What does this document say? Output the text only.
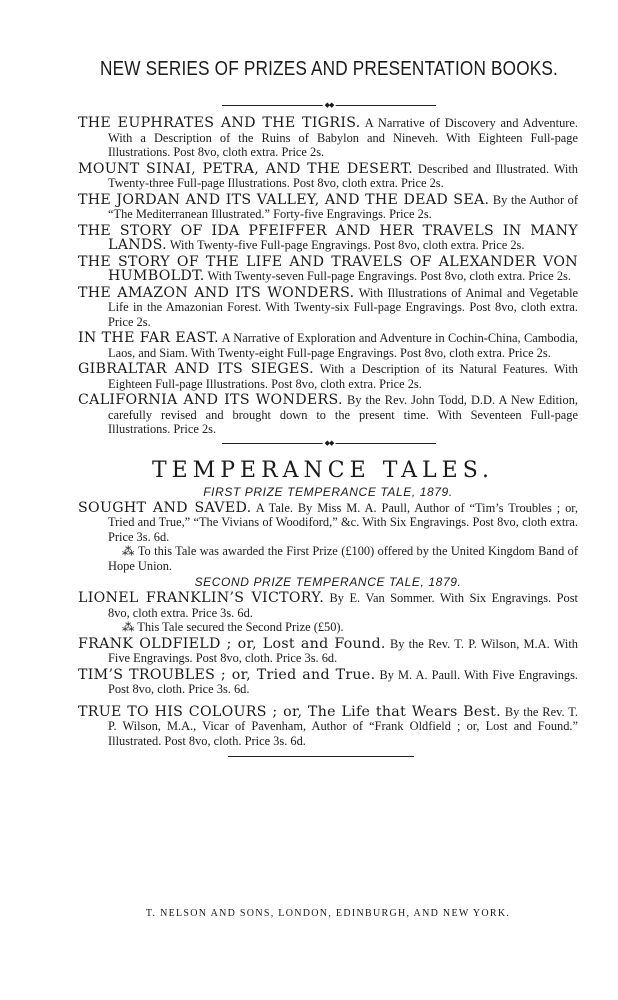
NEW SERIES OF PRIZES AND PRESENTATION BOOKS.
◆◆

THE EUPHRATES AND THE TIGRIS. A Narrative of Discovery and Adventure. With a Description of the Ruins of Babylon and Nineveh. With Eighteen Full-page Illustrations. Post 8vo, cloth extra. Price 2s.

MOUNT SINAI, PETRA, AND THE DESERT. Described and Illustrated. With Twenty-three Full-page Illustrations. Post 8vo, cloth extra. Price 2s.

THE JORDAN AND ITS VALLEY, AND THE DEAD SEA. By the Author of “The Mediterranean Illustrated.” Forty-five Engravings. Price 2s.

THE STORY OF IDA PFEIFFER AND HER TRAVELS IN MANY LANDS. With Twenty-five Full-page Engravings. Post 8vo, cloth extra. Price 2s.

THE STORY OF THE LIFE AND TRAVELS OF ALEXANDER VON HUMBOLDT. With Twenty-seven Full-page Engravings. Post 8vo, cloth extra. Price 2s.

THE AMAZON AND ITS WONDERS. With Illustrations of Animal and Vegetable Life in the Amazonian Forest. With Twenty-six Full-page Engravings. Post 8vo, cloth extra. Price 2s.

IN THE FAR EAST. A Narrative of Exploration and Adventure in Cochin-China, Cambodia, Laos, and Siam. With Twenty-eight Full-page Engravings. Post 8vo, cloth extra. Price 2s.

GIBRALTAR AND ITS SIEGES. With a Description of its Natural Features. With Eighteen Full-page Illustrations. Post 8vo, cloth extra. Price 2s.

CALIFORNIA AND ITS WONDERS. By the Rev. John Todd, D.D. A New Edition, carefully revised and brought down to the present time. With Seventeen Full-page Illustrations. Price 2s.

◆◆
TEMPERANCE TALES.
FIRST PRIZE TEMPERANCE TALE, 1879.

SOUGHT AND SAVED. A Tale. By Miss M. A. Paull, Author of “Tim’s Troubles ; or, Tried and True,” “The Vivians of Woodiford,” &c. With Six Engravings. Post 8vo, cloth extra. Price 3s. 6d.

⁂ To this Tale was awarded the First Prize (£100) offered by the United Kingdom Band of Hope Union.

SECOND PRIZE TEMPERANCE TALE, 1879.

LIONEL FRANKLIN’S VICTORY. By E. Van Sommer. With Six Engravings. Post 8vo, cloth extra. Price 3s. 6d.

⁂ This Tale secured the Second Prize (£50).

FRANK OLDFIELD ; or, Lost and Found. By the Rev. T. P. Wilson, M.A. With Five Engravings. Post 8vo, cloth. Price 3s. 6d.

TIM’S TROUBLES ; or, Tried and True. By M. A. Paull. With Five Engravings. Post 8vo, cloth. Price 3s. 6d.

TRUE TO HIS COLOURS ; or, The Life that Wears Best. By the Rev. T. P. Wilson, M.A., Vicar of Pavenham, Author of “Frank Oldfield ; or, Lost and Found.” Illustrated. Post 8vo, cloth. Price 3s. 6d.

T. NELSON AND SONS, LONDON, EDINBURGH, AND NEW YORK.
